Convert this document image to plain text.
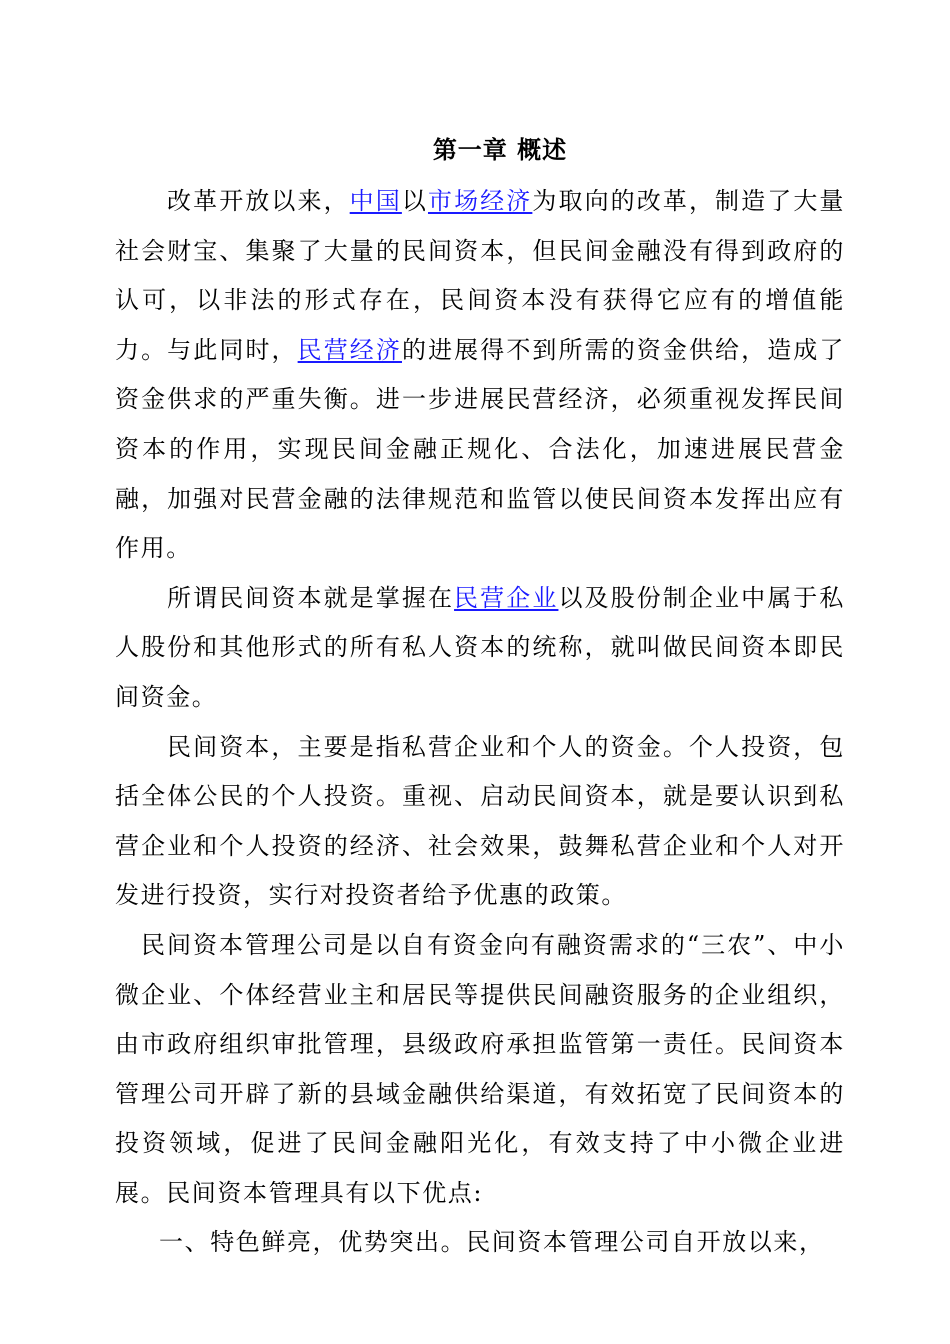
第一章 概述

改革开放以来，中国以市场经济为取向的改革，制造了大量社会财宝、集聚了大量的民间资本，但民间金融没有得到政府的认可，以非法的形式存在，民间资本没有获得它应有的增值能力。与此同时，民营经济的进展得不到所需的资金供给，造成了资金供求的严重失衡。进一步进展民营经济，必须重视发挥民间资本的作用，实现民间金融正规化、合法化，加速进展民营金融，加强对民营金融的法律规范和监管以使民间资本发挥出应有作用。

所谓民间资本就是掌握在民营企业以及股份制企业中属于私人股份和其他形式的所有私人资本的统称，就叫做民间资本即民间资金。

民间资本，主要是指私营企业和个人的资金。个人投资，包括全体公民的个人投资。重视、启动民间资本，就是要认识到私营企业和个人投资的经济、社会效果，鼓舞私营企业和个人对开发进行投资，实行对投资者给予优惠的政策。

民间资本管理公司是以自有资金向有融资需求的“三农”、中小微企业、个体经营业主和居民等提供民间融资服务的企业组织，由市政府组织审批管理，县级政府承担监管第一责任。民间资本管理公司开辟了新的县域金融供给渠道，有效拓宽了民间资本的投资领域，促进了民间金融阳光化，有效支持了中小微企业进展。民间资本管理具有以下优点:

一、特色鲜亮，优势突出。民间资本管理公司自开放以来，
